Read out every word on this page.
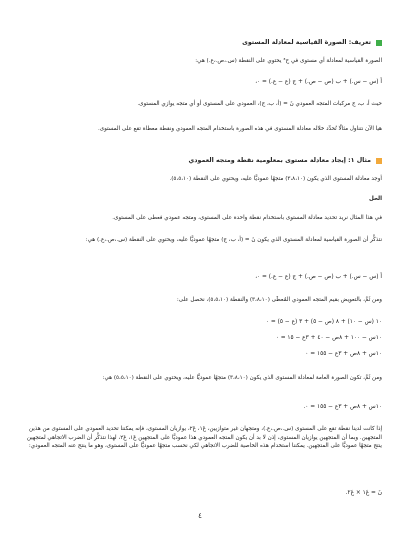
تعريف: الصورة القياسية لمعادلة المستوى
الصورة القياسية لمعادلة أي مستوى في ح³ يحتوي على النقطة (س.،ص.،ع.) هي:
أ (س − س.) + ب (ص − ص.) + ج (ع − ع.) = ٠،
حيث أ، ب، ج مركبات المتجه العمودي نَ = (أ، ب، ج)، العمودي على المستوى أو أي متجه يوازي المستوى.
هيا الآن نتناول مثالًا نُحدِّد خلاله معادلة المستوى في هذه الصورة باستخدام المتجه العمودي ونقطة معطاة تقع على المستوى.
مثال ١: إيجاد معادلة مستوى بمعلومية نقطة ومتجه العمودي
أوجد معادلة المستوى الذي يكون (٣،٨،١٠) متجهًا عموديًّا عليه، ويحتوي على النقطة (٥،٥،١٠).
الحل
في هذا المثال نريد تحديد معادلة المستوى باستخدام نقطة واحدة على المستوى، ومتجه عمودي فعطى على المستوى.
نتذكَّر أن الصورة القياسية لمعادلة المستوى الذي يكون نَ = (أ، ب، ج) متجهًا عموديًّا عليه، ويحتوي على النقطة (س.،ص.،ع.) هي:
أ (س − س.) + ب (ص − ص.) + ج (ع − ع.) = ٠،
ومن ثَمَّ، بالتعويض بقيم المتجه العمودي المُعطَى (٣،٨،١٠) والنقطة (٥،٥،١٠)، نحصل على:
١٠ (س − ١٠) + ٨ (ص − ٥) + ٣ (ع − ٥) = ٠
١٠س − ١٠٠ + ٨ص − ٤٠ + ٣ع − ١٥ = ٠
١٠س + ٨ص + ٣ع − ١٥٥ = ٠
ومن ثَمَّ، تكون الصورة العامة لمعادلة المستوى الذي يكون (٣،٨،١٠) متجهًا عموديًّا عليه، ويحتوي على النقطة (٥،٥،١٠) هي:
١٠س + ٨ص + ٣ع − ١٥٥ = ٠.
إذا كانت لدينا نقطة تقع على المستوى (س.،ص.،ع.)، ومتجهان غير متوازيين، عَ١، عَ٢، يوازيان المستوى، فإنه يمكننا تحديد العمودي على المستوى من هذين المتجهين. وبما أن المتجهين يوازيان المستوى، إذن لا بد أن يكون المتجه العمودي هذا عموديًّا على المتجهين عَ١، عَ٢، لهذا نتذكَّر أن الضرب الاتجاهي لمتجهين ينتج متجهًا عموديًّا على المتجهين. يمكننا استخدام هذه الخاصية للضرب الاتجاهي لكي نحسب متجهًا عموديًّا على المستوى، وهو ما ينتج عنه المتجه العمودي:
نَ = عَ١ × عَ٢.
٤
